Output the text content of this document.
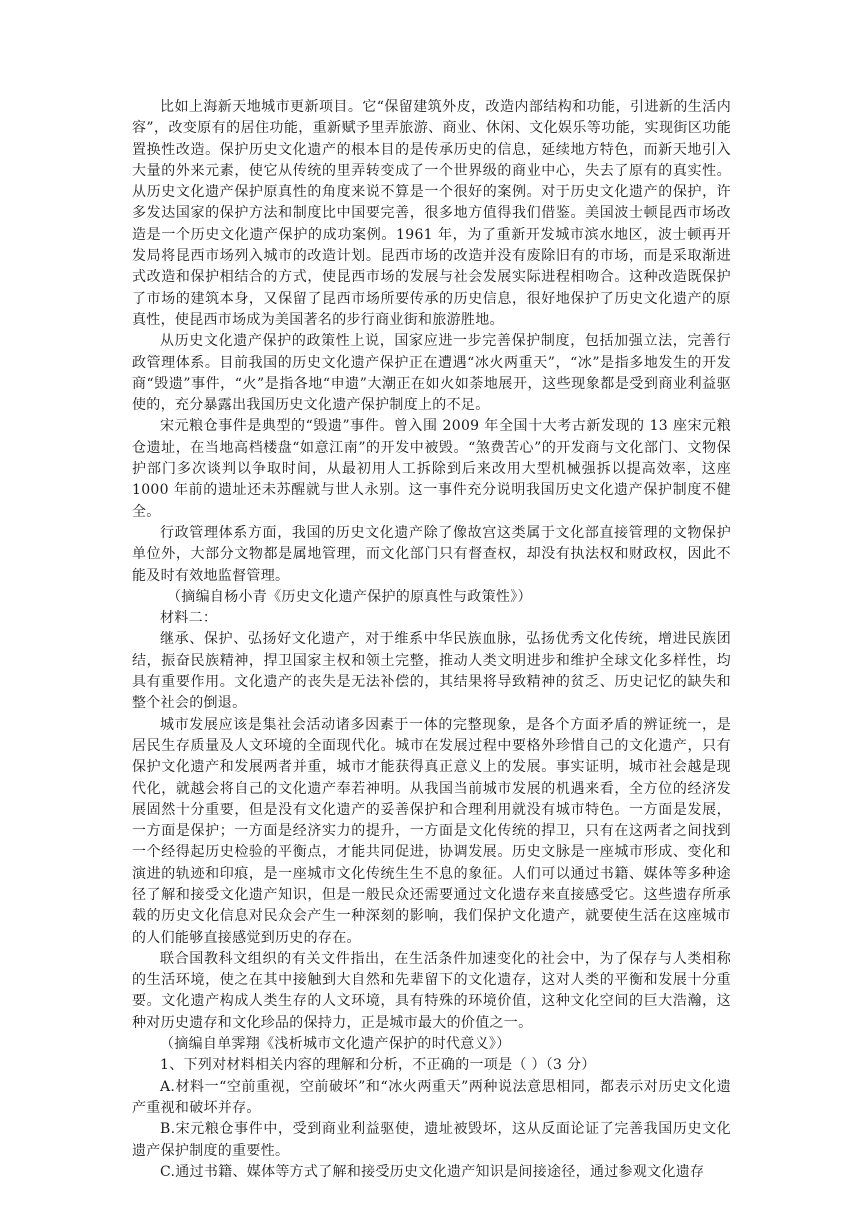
比如上海新天地城市更新项目。它“保留建筑外皮，改造内部结构和功能，引进新的生活内容”，改变原有的居住功能，重新赋予里弄旅游、商业、休闲、文化娱乐等功能，实现街区功能置换性改造。保护历史文化遗产的根本目的是传承历史的信息，延续地方特色，而新天地引入大量的外来元素，使它从传统的里弄转变成了一个世界级的商业中心，失去了原有的真实性。从历史文化遗产保护原真性的角度来说不算是一个很好的案例。对于历史文化遗产的保护，许多发达国家的保护方法和制度比中国要完善，很多地方值得我们借鉴。美国波士顿昆西市场改造是一个历史文化遗产保护的成功案例。1961 年，为了重新开发城市滨水地区，波士顿再开发局将昆西市场列入城市的改造计划。昆西市场的改造并没有废除旧有的市场，而是采取渐进式改造和保护相结合的方式，使昆西市场的发展与社会发展实际进程相吻合。这种改造既保护了市场的建筑本身，又保留了昆西市场所要传承的历史信息，很好地保护了历史文化遗产的原真性，使昆西市场成为美国著名的步行商业街和旅游胜地。

从历史文化遗产保护的政策性上说，国家应进一步完善保护制度，包括加强立法，完善行政管理体系。目前我国的历史文化遗产保护正在遭遇“冰火两重天”，“冰”是指多地发生的开发商“毁遗”事件，“火”是指各地“申遗”大潮正在如火如荼地展开，这些现象都是受到商业利益驱使的，充分暴露出我国历史文化遗产保护制度上的不足。

宋元粮仓事件是典型的“毁遗”事件。曾入围 2009 年全国十大考古新发现的 13 座宋元粮仓遗址，在当地高档楼盘“如意江南”的开发中被毁。“煞费苦心”的开发商与文化部门、文物保护部门多次谈判以争取时间，从最初用人工拆除到后来改用大型机械强拆以提高效率，这座 1000 年前的遗址还未苏醒就与世人永别。这一事件充分说明我国历史文化遗产保护制度不健全。

行政管理体系方面，我国的历史文化遗产除了像故宫这类属于文化部直接管理的文物保护单位外，大部分文物都是属地管理，而文化部门只有督查权，却没有执法权和财政权，因此不能及时有效地监督管理。

（摘编自杨小青《历史文化遗产保护的原真性与政策性》）

材料二：

继承、保护、弘扬好文化遗产，对于维系中华民族血脉，弘扬优秀文化传统，增进民族团结，振奋民族精神，捍卫国家主权和领土完整，推动人类文明进步和维护全球文化多样性，均具有重要作用。文化遗产的丧失是无法补偿的，其结果将导致精神的贫乏、历史记忆的缺失和整个社会的倒退。

城市发展应该是集社会活动诸多因素于一体的完整现象，是各个方面矛盾的辨证统一，是居民生存质量及人文环境的全面现代化。城市在发展过程中要格外珍惜自己的文化遗产，只有保护文化遗产和发展两者并重，城市才能获得真正意义上的发展。事实证明，城市社会越是现代化，就越会将自己的文化遗产奉若神明。从我国当前城市发展的机遇来看，全方位的经济发展固然十分重要，但是没有文化遗产的妥善保护和合理利用就没有城市特色。一方面是发展，一方面是保护；一方面是经济实力的提升，一方面是文化传统的捍卫，只有在这两者之间找到一个经得起历史检验的平衡点，才能共同促进，协调发展。历史文脉是一座城市形成、变化和演进的轨迹和印痕，是一座城市文化传统生生不息的象征。人们可以通过书籍、媒体等多种途径了解和接受文化遗产知识，但是一般民众还需要通过文化遗存来直接感受它。这些遗存所承载的历史文化信息对民众会产生一种深刻的影响，我们保护文化遗产，就要使生活在这座城市的人们能够直接感觉到历史的存在。

联合国教科文组织的有关文件指出，在生活条件加速变化的社会中，为了保存与人类相称的生活环境，使之在其中接触到大自然和先辈留下的文化遗存，这对人类的平衡和发展十分重要。文化遗产构成人类生存的人文环境，具有特殊的环境价值，这种文化空间的巨大浩瀚，这种对历史遗存和文化珍品的保持力，正是城市最大的价值之一。

（摘编自单霁翔《浅析城市文化遗产保护的时代意义》）

1、下列对材料相关内容的理解和分析，不正确的一项是（ ）（3 分）

A.材料一“空前重视，空前破坏”和“冰火两重天”两种说法意思相同，都表示对历史文化遗产重视和破坏并存。

B.宋元粮仓事件中，受到商业利益驱使，遗址被毁坏，这从反面论证了完善我国历史文化遗产保护制度的重要性。

C.通过书籍、媒体等方式了解和接受历史文化遗产知识是间接途径，通过参观文化遗存
